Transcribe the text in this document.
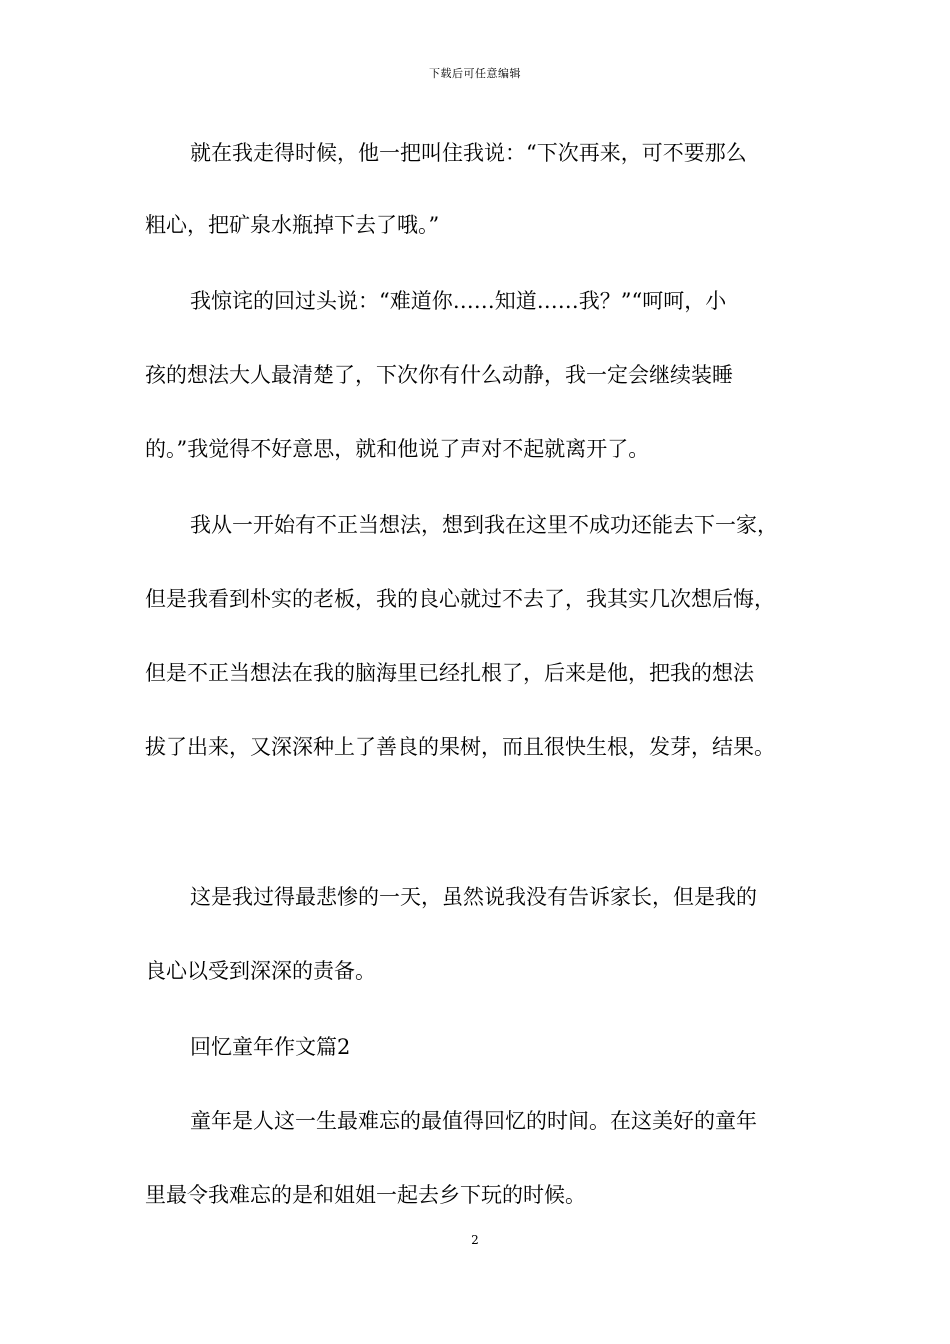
下载后可任意编辑
就在我走得时候，他一把叫住我说：“下次再来，可不要那么
粗心，把矿泉水瓶掉下去了哦。”
我惊诧的回过头说：“难道你……知道……我？”“呵呵，小
孩的想法大人最清楚了，下次你有什么动静，我一定会继续装睡
的。”我觉得不好意思，就和他说了声对不起就离开了。
我从一开始有不正当想法，想到我在这里不成功还能去下一家，
但是我看到朴实的老板，我的良心就过不去了，我其实几次想后悔，
但是不正当想法在我的脑海里已经扎根了，后来是他，把我的想法
拔了出来，又深深种上了善良的果树，而且很快生根，发芽，结果。
这是我过得最悲惨的一天，虽然说我没有告诉家长，但是我的
良心以受到深深的责备。
回忆童年作文篇2
童年是人这一生最难忘的最值得回忆的时间。在这美好的童年
里最令我难忘的是和姐姐一起去乡下玩的时候。
2
